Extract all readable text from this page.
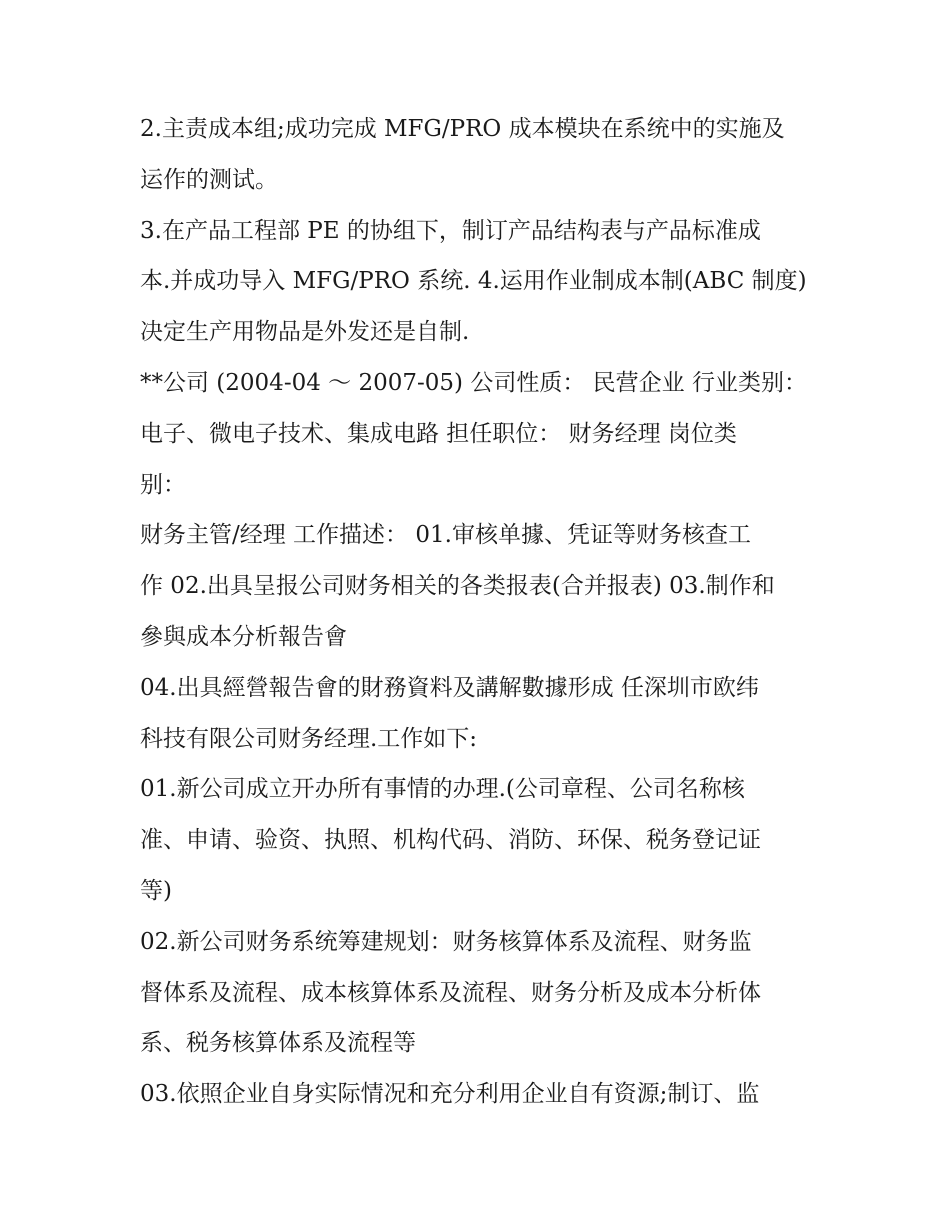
2.主责成本组;成功完成 MFG/PRO 成本模块在系统中的实施及
运作的测试。
3.在产品工程部 PE 的协组下，制订产品结构表与产品标准成
本.并成功导入 MFG/PRO 系统. 4.运用作业制成本制(ABC 制度)
决定生产用物品是外发还是自制.
**公司 (2004-04 ～ 2007-05) 公司性质： 民营企业 行业类别：
电子、微电子技术、集成电路 担任职位： 财务经理 岗位类
别：
财务主管/经理 工作描述： 01.审核单據、凭证等财务核查工
作 02.出具呈报公司财务相关的各类报表(合并报表) 03.制作和
參與成本分析報告會
04.出具經營報告會的財務資料及講解數據形成 任深圳市欧纬
科技有限公司财务经理.工作如下:
01.新公司成立开办所有事情的办理.(公司章程、公司名称核
准、申请、验资、执照、机构代码、消防、环保、税务登记证
等)
02.新公司财务系统筹建规划：财务核算体系及流程、财务监
督体系及流程、成本核算体系及流程、财务分析及成本分析体
系、税务核算体系及流程等
03.依照企业自身实际情况和充分利用企业自有资源;制订、监
